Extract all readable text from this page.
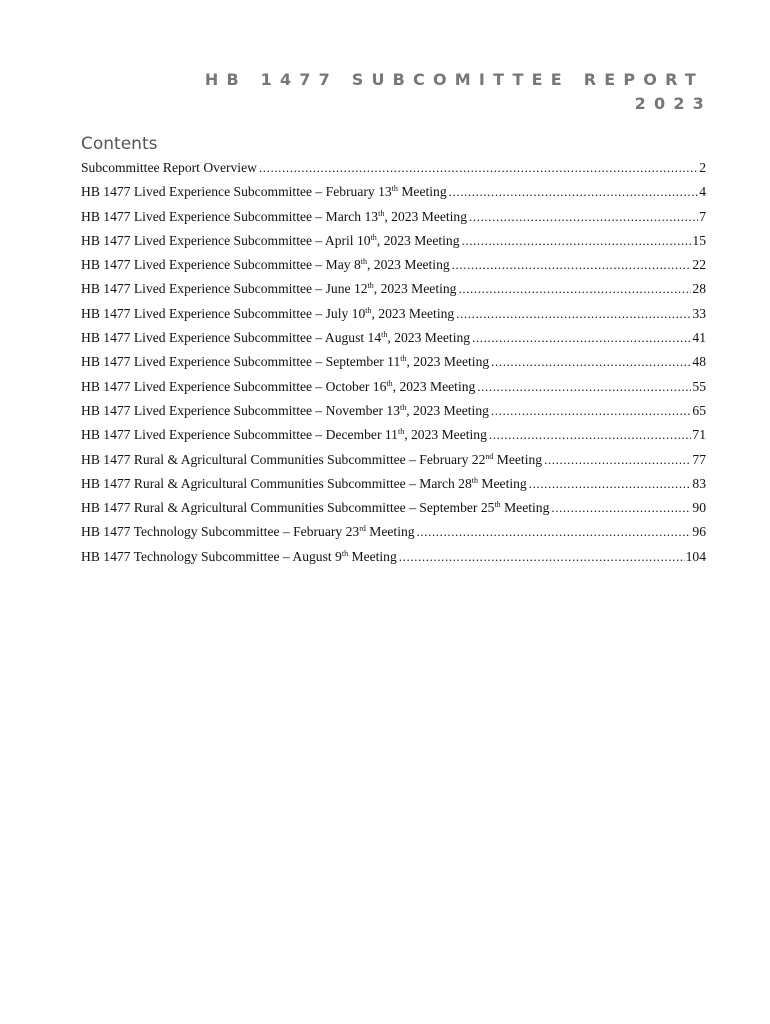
HB 1477 SUBCOMITTEE REPORT
2023
Contents
Subcommittee Report Overview .....	2
HB 1477 Lived Experience Subcommittee – February 13th Meeting .....	4
HB 1477 Lived Experience Subcommittee – March 13th, 2023 Meeting .....	7
HB 1477 Lived Experience Subcommittee – April 10th, 2023 Meeting .....	15
HB 1477 Lived Experience Subcommittee – May 8th, 2023 Meeting .....	22
HB 1477 Lived Experience Subcommittee – June 12th, 2023 Meeting .....	28
HB 1477 Lived Experience Subcommittee – July 10th, 2023 Meeting .....	33
HB 1477 Lived Experience Subcommittee – August 14th, 2023 Meeting .....	41
HB 1477 Lived Experience Subcommittee – September 11th, 2023 Meeting .....	48
HB 1477 Lived Experience Subcommittee – October 16th, 2023 Meeting .....	55
HB 1477 Lived Experience Subcommittee – November 13th, 2023 Meeting .....	65
HB 1477 Lived Experience Subcommittee – December 11th, 2023 Meeting .....	71
HB 1477 Rural & Agricultural Communities Subcommittee – February 22nd Meeting .....	77
HB 1477 Rural & Agricultural Communities Subcommittee – March 28th Meeting .....	83
HB 1477 Rural & Agricultural Communities Subcommittee – September 25th Meeting .....	90
HB 1477 Technology Subcommittee – February 23rd Meeting .....	96
HB 1477 Technology Subcommittee – August 9th Meeting .....	104
